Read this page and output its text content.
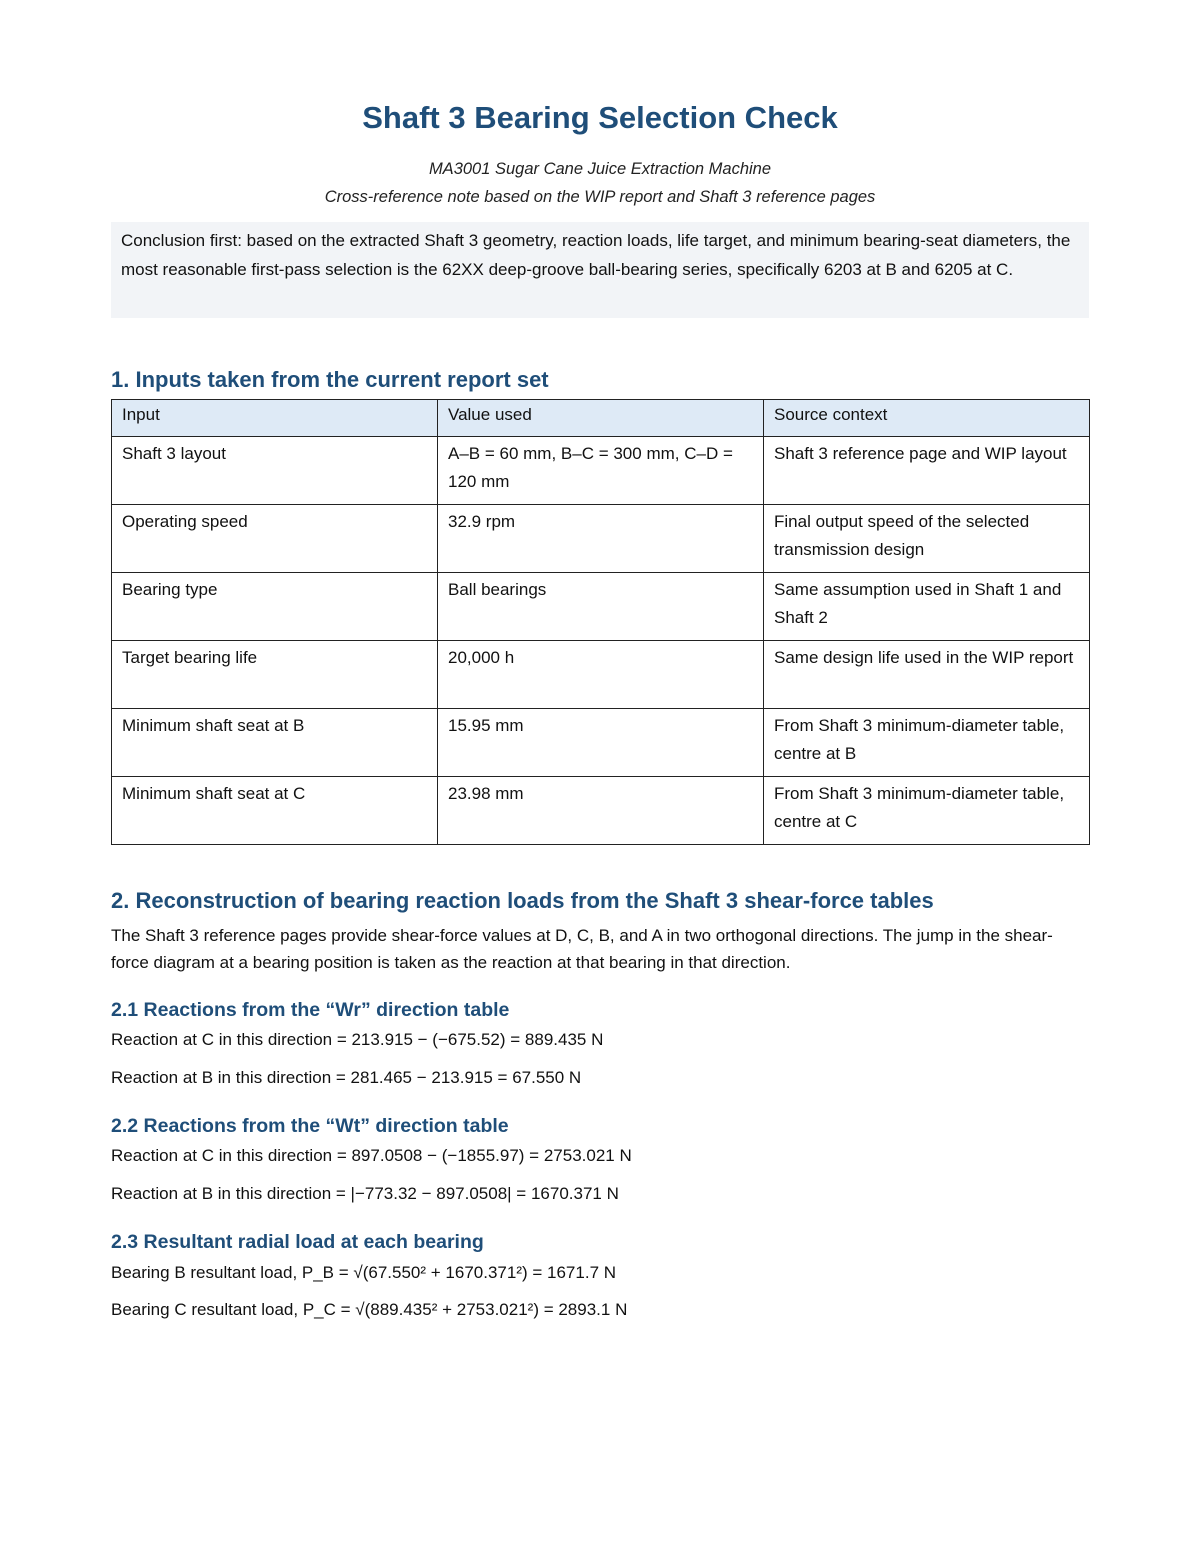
Shaft 3 Bearing Selection Check
MA3001 Sugar Cane Juice Extraction Machine
Cross-reference note based on the WIP report and Shaft 3 reference pages
Conclusion first: based on the extracted Shaft 3 geometry, reaction loads, life target, and minimum bearing-seat diameters, the most reasonable first-pass selection is the 62XX deep-groove ball-bearing series, specifically 6203 at B and 6205 at C.
1. Inputs taken from the current report set
Input	Value used	Source context
Shaft 3 layout	A–B = 60 mm, B–C = 300 mm, C–D = 120 mm	Shaft 3 reference page and WIP layout
Operating speed	32.9 rpm	Final output speed of the selected transmission design
Bearing type	Ball bearings	Same assumption used in Shaft 1 and Shaft 2
Target bearing life	20,000 h	Same design life used in the WIP report
Minimum shaft seat at B	15.95 mm	From Shaft 3 minimum-diameter table, centre at B
Minimum shaft seat at C	23.98 mm	From Shaft 3 minimum-diameter table, centre at C
2. Reconstruction of bearing reaction loads from the Shaft 3 shear-force tables
The Shaft 3 reference pages provide shear-force values at D, C, B, and A in two orthogonal directions. The jump in the shear-force diagram at a bearing position is taken as the reaction at that bearing in that direction.
2.1 Reactions from the “Wr” direction table
Reaction at C in this direction = 213.915 − (−675.52) = 889.435 N
Reaction at B in this direction = 281.465 − 213.915 = 67.550 N
2.2 Reactions from the “Wt” direction table
Reaction at C in this direction = 897.0508 − (−1855.97) = 2753.021 N
Reaction at B in this direction = |−773.32 − 897.0508| = 1670.371 N
2.3 Resultant radial load at each bearing
Bearing B resultant load, P_B = √(67.550² + 1670.371²) = 1671.7 N
Bearing C resultant load, P_C = √(889.435² + 2753.021²) = 2893.1 N
